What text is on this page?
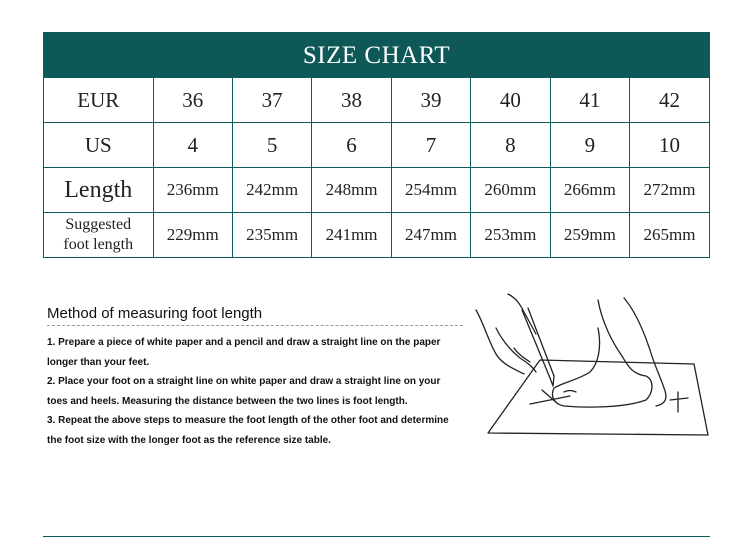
SIZE CHART
EUR	36	37	38	39	40	41	42
US	4	5	6	7	8	9	10
Length	236mm	242mm	248mm	254mm	260mm	266mm	272mm

Suggested
foot length	229mm	235mm	241mm	247mm	253mm	259mm	265mm
Method of measuring foot length
1. Prepare a piece of white paper and a pencil and draw a straight line on the paper longer than your feet.
2. Place your foot on a straight line on white paper and draw a straight line on your toes and heels. Measuring the distance between the two lines is foot length.
3. Repeat the above steps to measure the foot length of the other foot and determine the foot size with the longer foot as the reference size table.
